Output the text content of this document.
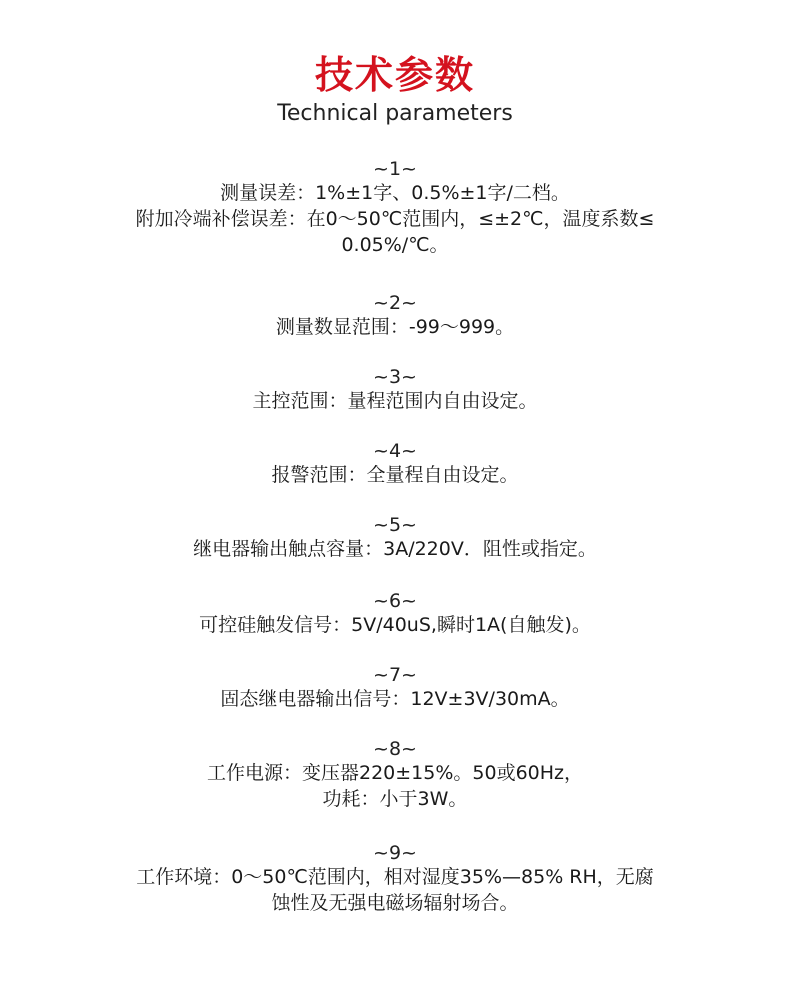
技术参数
Technical parameters
~1~
测量误差：1%±1字、0.5%±1字/二档。
附加冷端补偿误差：在0～50℃范围内，≤±2℃，温度系数≤
0.05%/℃。
~2~
测量数显范围：-99～999。
~3~
主控范围：量程范围内自由设定。
~4~
报警范围：全量程自由设定。
~5~
继电器输出触点容量：3A/220V．阻性或指定。
~6~
可控硅触发信号：5V/40uS,瞬时1A(自触发)。
~7~
固态继电器输出信号：12V±3V/30mA。
~8~
工作电源：变压器220±15%。50或60Hz，
功耗：小于3W。
~9~
工作环境：0～50℃范围内，相对湿度35%—85% RH，无腐
蚀性及无强电磁场辐射场合。
